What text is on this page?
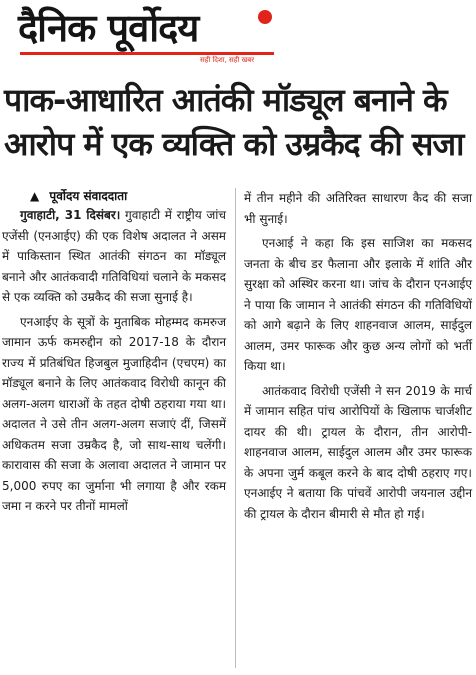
दैनिक पूर्वोदय
सही दिशा, सही खबर
पाक-आधारित आतंकी मॉड्यूल बनाने के
आरोप में एक व्यक्ति को उम्रकैद की सजा
▲ पूर्वोदय संवाददाता

गुवाहाटी, 31 दिसंबर। गुवाहाटी में राष्ट्रीय जांच एजेंसी (एनआईए) की एक विशेष अदालत ने असम में पाकिस्तान स्थित आतंकी संगठन का मॉड्यूल बनाने और आतंकवादी गतिविधियां चलाने के मकसद से एक व्यक्ति को उम्रकैद की सजा सुनाई है।

एनआईए के सूत्रों के मुताबिक मोहम्मद कमरुज जामान ऊर्फ कमरुद्दीन को 2017-18 के दौरान राज्य में प्रतिबंधित हिजबुल मुजाहिदीन (एचएम) का मॉड्यूल बनाने के लिए आतंकवाद विरोधी कानून की अलग-अलग धाराओं के तहत दोषी ठहराया गया था। अदालत ने उसे तीन अलग-अलग सजाएं दीं, जिसमें अधिकतम सजा उम्रकैद है, जो साथ-साथ चलेंगी। कारावास की सजा के अलावा अदालत ने जामान पर 5,000 रुपए का जुर्माना भी लगाया है और रकम जमा न करने पर तीनों मामलों

में तीन महीने की अतिरिक्त साधारण कैद की सजा भी सुनाई।

एनआई ने कहा कि इस साजिश का मकसद जनता के बीच डर फैलाना और इलाके में शांति और सुरक्षा को अस्थिर करना था। जांच के दौरान एनआईए ने पाया कि जामान ने आतंकी संगठन की गतिविधियों को आगे बढ़ाने के लिए शाहनवाज आलम, साईदुल आलम, उमर फारूक और कुछ अन्य लोगों को भर्ती किया था।

आतंकवाद विरोधी एजेंसी ने सन 2019 के मार्च में जामान सहित पांच आरोपियों के खिलाफ चार्जशीट दायर की थी। ट्रायल के दौरान, तीन आरोपी- शाहनवाज आलम, साईदुल आलम और उमर फारूक के अपना जुर्म कबूल करने के बाद दोषी ठहराए गए। एनआईए ने बताया कि पांचवें आरोपी जयनाल उद्दीन की ट्रायल के दौरान बीमारी से मौत हो गई।
